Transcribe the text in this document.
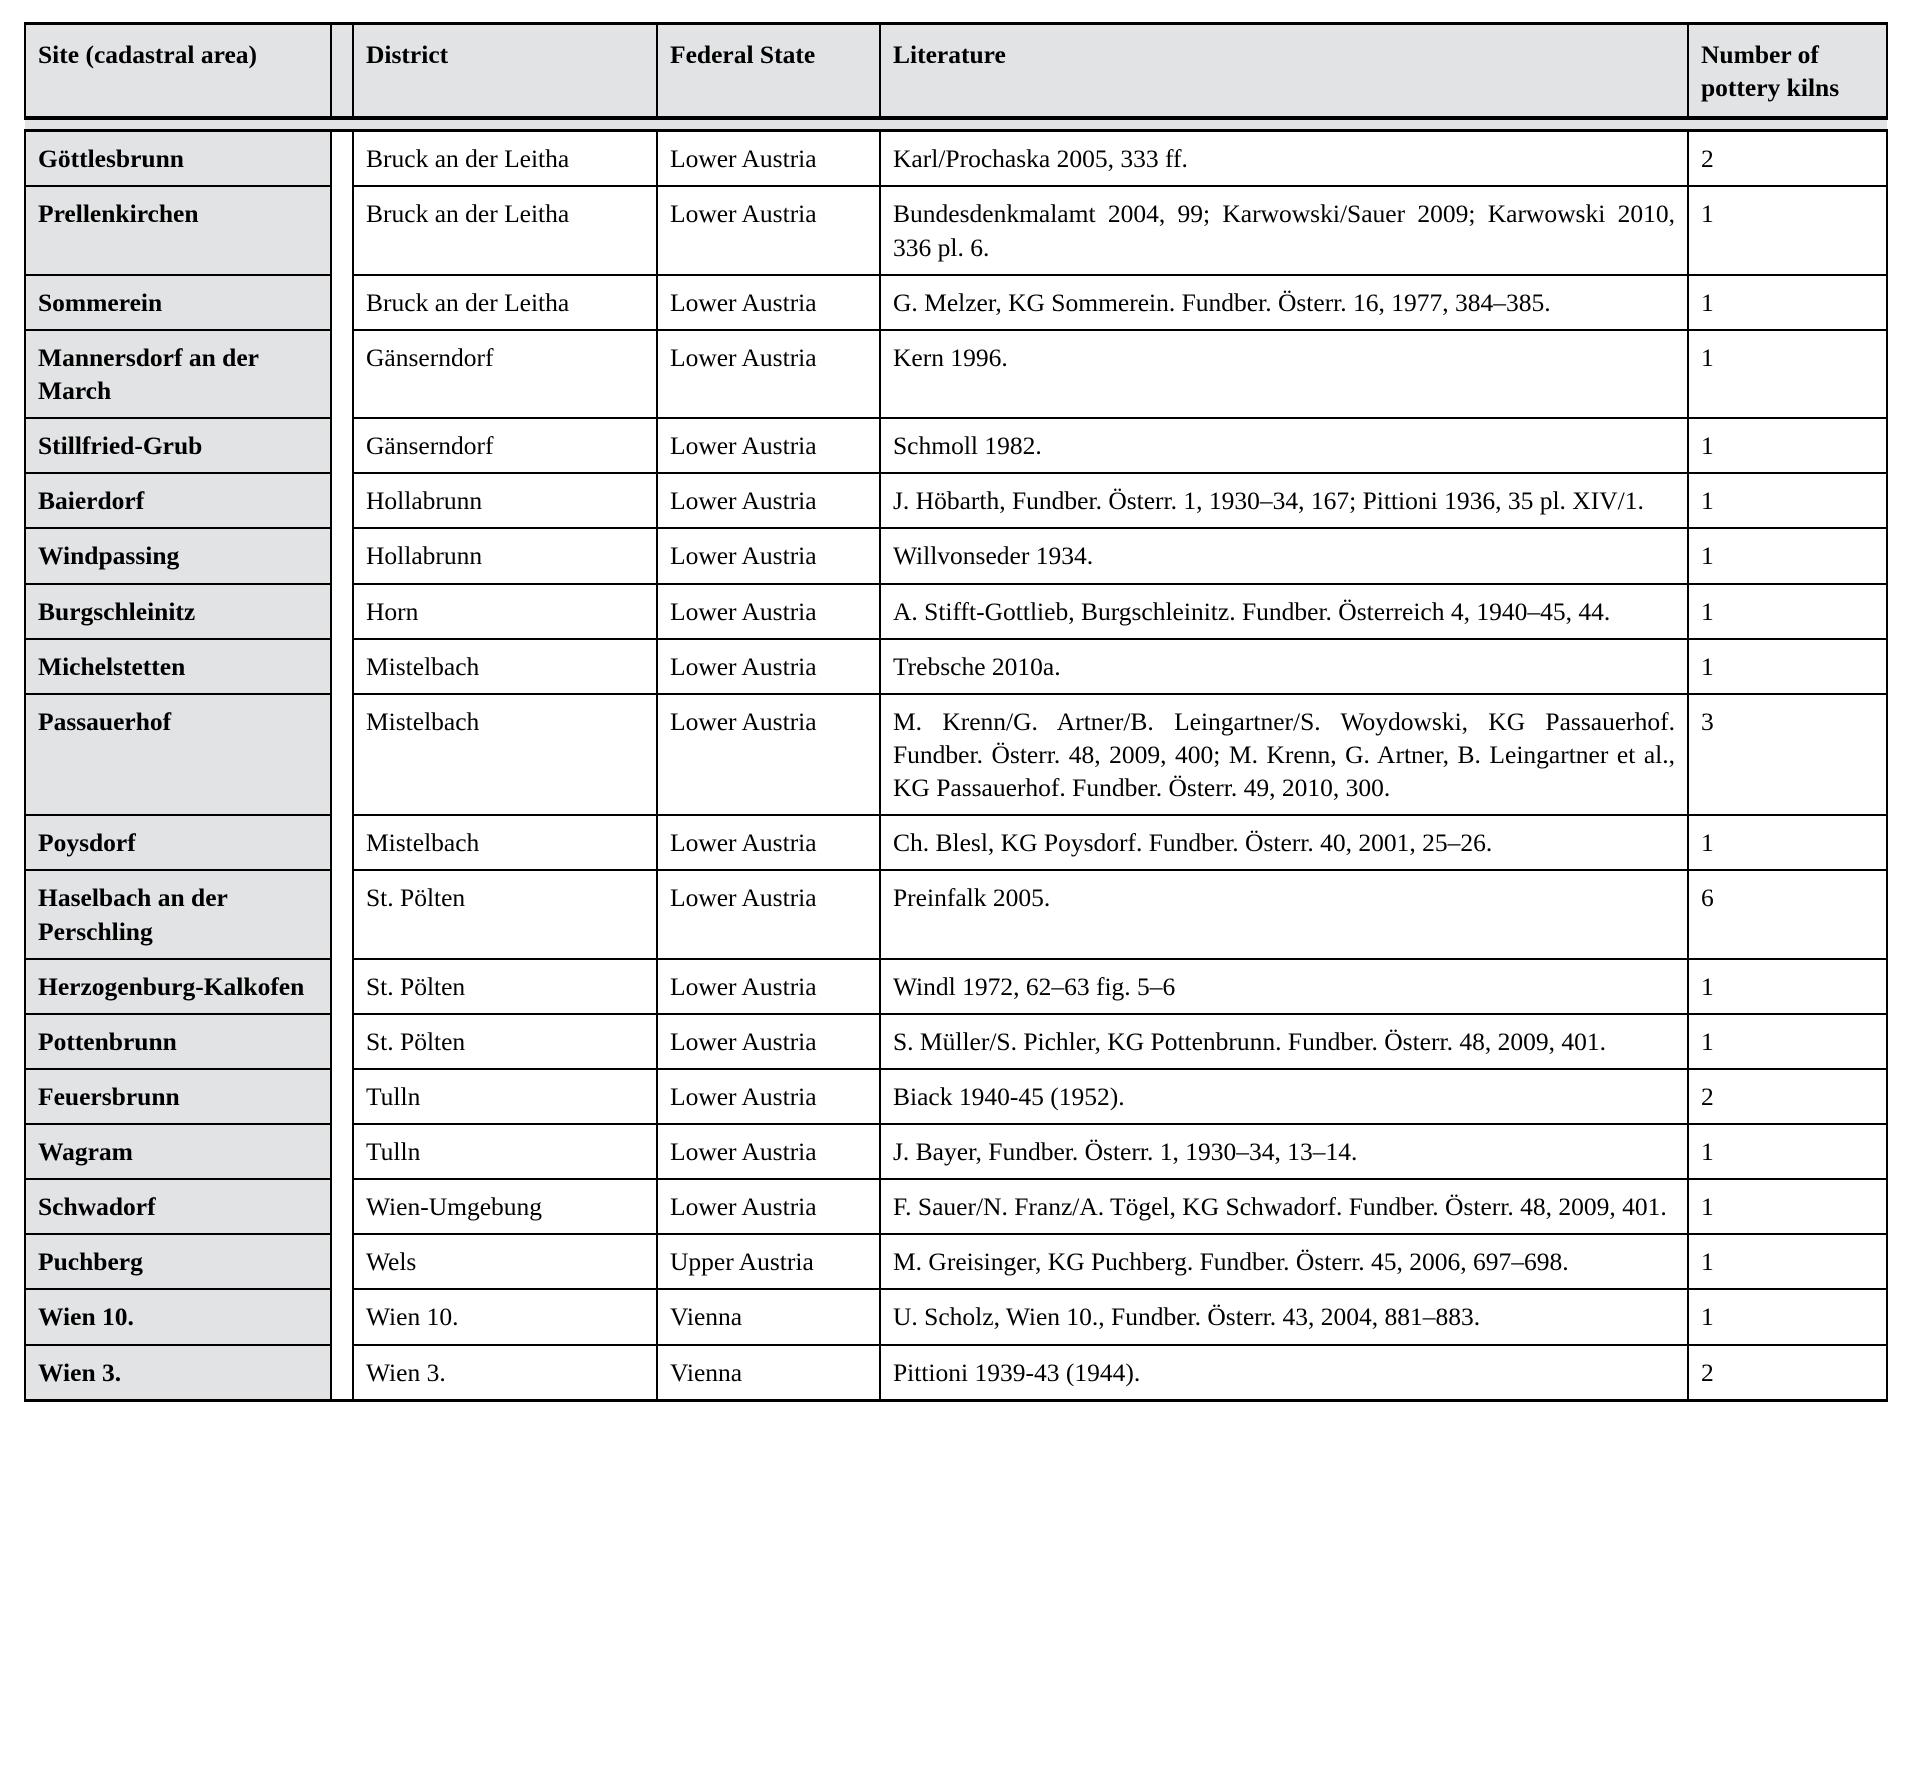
Site (cadastral area)		District	Federal State	Literature	Number of pottery kilns

Göttlesbrunn		Bruck an der Leitha	Lower Austria	Karl/Prochaska 2005, 333 ff.	2
Prellenkirchen		Bruck an der Leitha	Lower Austria	Bundesdenkmalamt 2004, 99; Karwowski/Sauer 2009; Karwowski 2010, 336 pl. 6.	1
Sommerein		Bruck an der Leitha	Lower Austria	G. Melzer, KG Sommerein. Fundber. Österr. 16, 1977, 384–385.	1
Mannersdorf an der March		Gänserndorf	Lower Austria	Kern 1996.	1
Stillfried-Grub		Gänserndorf	Lower Austria	Schmoll 1982.	1
Baierdorf		Hollabrunn	Lower Austria	J. Höbarth, Fundber. Österr. 1, 1930–34, 167; Pittioni 1936, 35 pl. XIV/1.	1
Windpassing		Hollabrunn	Lower Austria	Willvonseder 1934.	1
Burgschleinitz		Horn	Lower Austria	A. Stifft-Gottlieb, Burgschleinitz. Fundber. Österreich 4, 1940–45, 44.	1
Michelstetten		Mistelbach	Lower Austria	Trebsche 2010a.	1
Passauerhof		Mistelbach	Lower Austria	M. Krenn/G. Artner/B. Leingartner/S. Woydowski, KG Passauerhof. Fundber. Österr. 48, 2009, 400; M. Krenn, G. Artner, B. Leingartner et al., KG Passauerhof. Fundber. Österr. 49, 2010, 300.	3
Poysdorf		Mistelbach	Lower Austria	Ch. Blesl, KG Poysdorf. Fundber. Österr. 40, 2001, 25–26.	1
Haselbach an der Perschling		St. Pölten	Lower Austria	Preinfalk 2005.	6
Herzogenburg-Kalkofen		St. Pölten	Lower Austria	Windl 1972, 62–63 fig. 5–6	1
Pottenbrunn		St. Pölten	Lower Austria	S. Müller/S. Pichler, KG Pottenbrunn. Fundber. Österr. 48, 2009, 401.	1
Feuersbrunn		Tulln	Lower Austria	Biack 1940-45 (1952).	2
Wagram		Tulln	Lower Austria	J. Bayer, Fundber. Österr. 1, 1930–34, 13–14.	1
Schwadorf		Wien-Umgebung	Lower Austria	F. Sauer/N. Franz/A. Tögel, KG Schwadorf. Fundber. Österr. 48, 2009, 401.	1
Puchberg		Wels	Upper Austria	M. Greisinger, KG Puchberg. Fundber. Österr. 45, 2006, 697–698.	1
Wien 10.		Wien 10.	Vienna	U. Scholz, Wien 10., Fundber. Österr. 43, 2004, 881–883.	1
Wien 3.		Wien 3.	Vienna	Pittioni 1939-43 (1944).	2
